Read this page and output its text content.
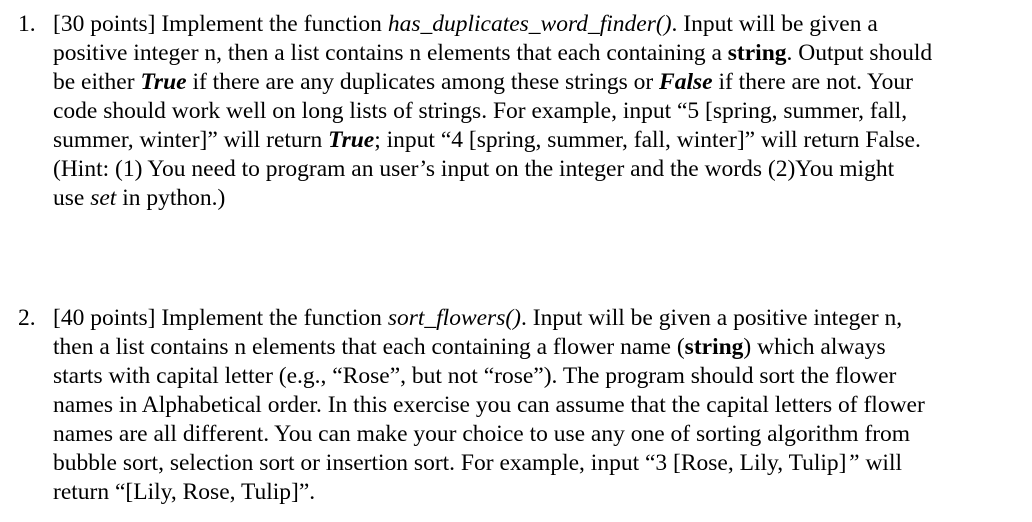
1. [30 points] Implement the function has_duplicates_word_finder(). Input will be given a
positive integer n, then a list contains n elements that each containing a string. Output should
be either True if there are any duplicates among these strings or False if there are not. Your
code should work well on long lists of strings. For example, input “5 [spring, summer, fall,
summer, winter]” will return True; input “4 [spring, summer, fall, winter]” will return False.
(Hint: (1) You need to program an user’s input on the integer and the words (2)You might
use set in python.)
2. [40 points] Implement the function sort_flowers(). Input will be given a positive integer n,
then a list contains n elements that each containing a flower name (string) which always
starts with capital letter (e.g., “Rose”, but not “rose”). The program should sort the flower
names in Alphabetical order. In this exercise you can assume that the capital letters of flower
names are all different. You can make your choice to use any one of sorting algorithm from
bubble sort, selection sort or insertion sort. For example, input “3 [Rose, Lily, Tulip]” will
return “[Lily, Rose, Tulip]”.
